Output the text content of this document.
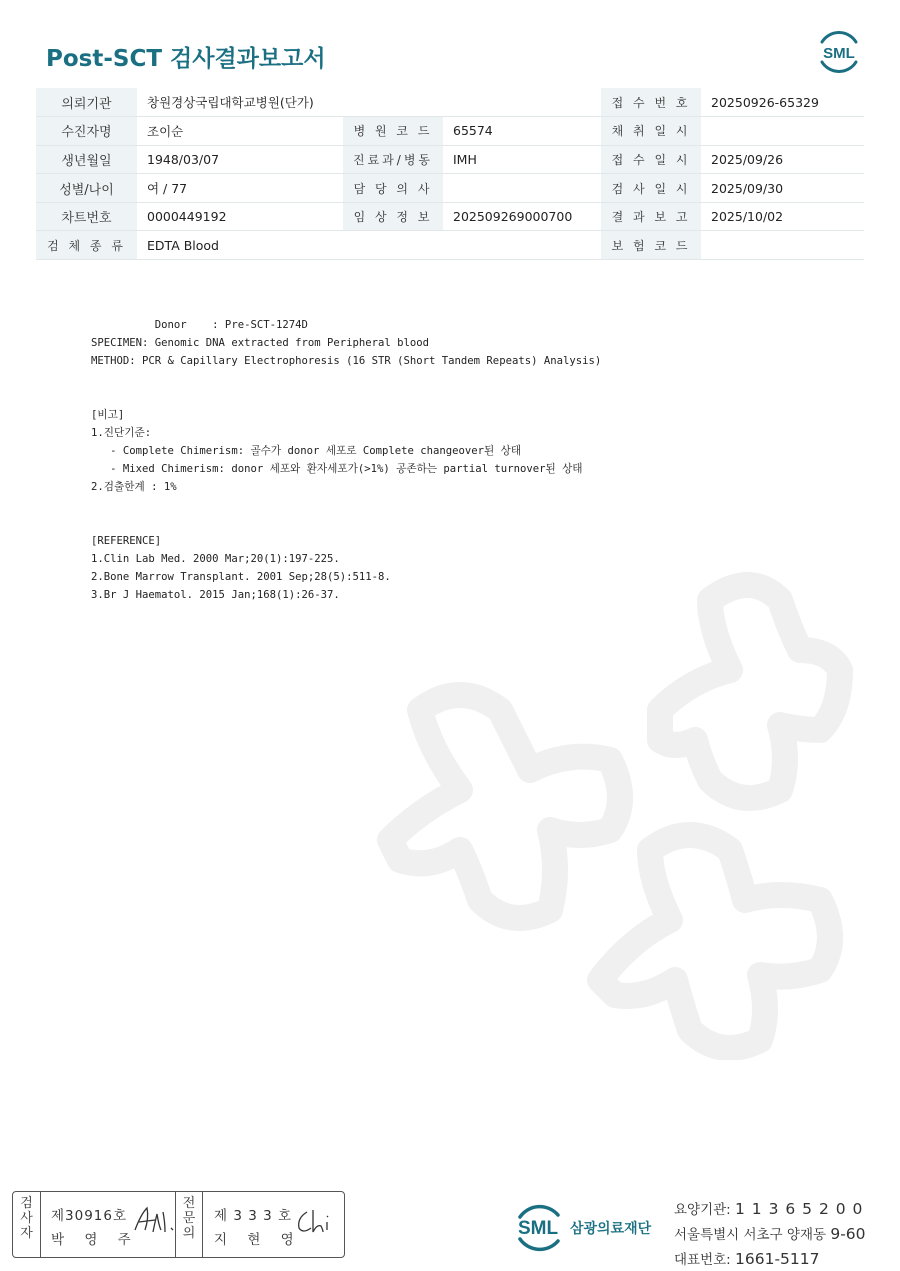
Post-SCT 검사결과보고서	SML
의뢰기관	창원경상국립대학교병원(단가)			접 수 번 호	20250926-65329
수진자명	조이순	병 원 코 드	65574	채 취 일 시	
생년월일	1948/03/07	진료과/병동	IMH	접 수 일 시	2025/09/26
성별/나이	여 / 77	담 당 의 사		검 사 일 시	2025/09/30
차트번호	0000449192	임 상 정 보	202509269000700	결 과 보 고	2025/10/02
검 체 종 류	EDTA Blood			보 험 코 드	
Donor    : Pre-SCT-1274D
SPECIMEN: Genomic DNA extracted from Peripheral blood
METHOD: PCR & Capillary Electrophoresis (16 STR (Short Tandem Repeats) Analysis)
[비고]
1.진단기준:
- Complete Chimerism: 골수가 donor 세포로 Complete changeover된 상태
- Mixed Chimerism: donor 세포와 환자세포가(>1%) 공존하는 partial turnover된 상태
2.검출한계 : 1%
[REFERENCE]
1.Clin Lab Med. 2000 Mar;20(1):197-225.
2.Bone Marrow Transplant. 2001 Sep;28(5):511-8.
3.Br J Haematol. 2015 Jan;168(1):26-37.
검
사
자
제30916호
박 영 주
전
문
의
제 3 3 3 호
지 현 영
SML 삼광의료재단
요양기관: 1 1 3 6 5 2 0 0
서울특별시 서초구 양재동 9-60
대표번호: 1661-5117
